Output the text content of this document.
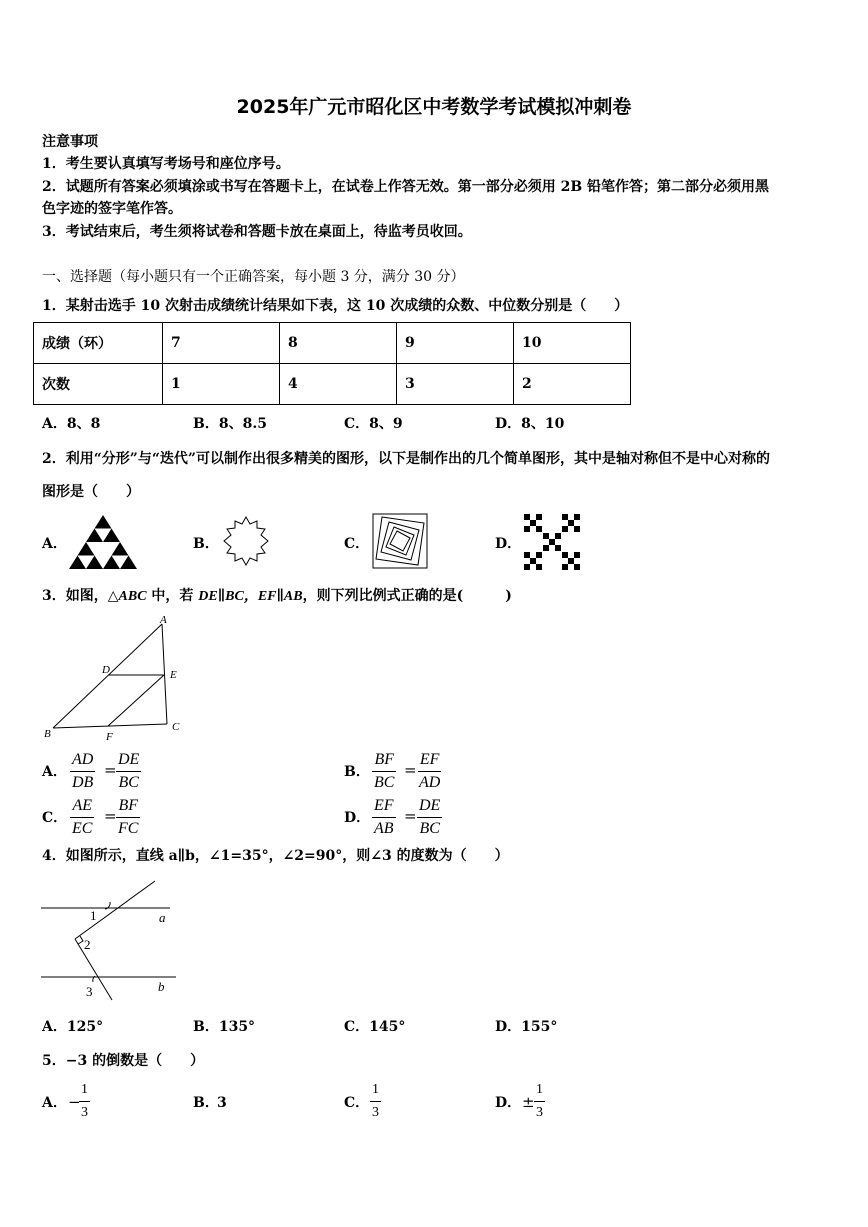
2025年广元市昭化区中考数学考试模拟冲刺卷
注意事项
1．考生要认真填写考场号和座位序号。
2．试题所有答案必须填涂或书写在答题卡上，在试卷上作答无效。第一部分必须用 2B 铅笔作答；第二部分必须用黑
色字迹的签字笔作答。
3．考试结束后，考生须将试卷和答题卡放在桌面上，待监考员收回。
一、选择题（每小题只有一个正确答案，每小题 3 分，满分 30 分）
1．某射击选手 10 次射击成绩统计结果如下表，这 10 次成绩的众数、中位数分别是（　　）
成绩（环）	7	8	9	10
次数	1	4	3	2
A．8、8	B．8、8.5	C．8、9	D．8、10
2．利用“分形”与“迭代”可以制作出很多精美的图形，以下是制作出的几个简单图形，其中是轴对称但不是中心对称的
图形是（　　）
A．	B．	C．	D．
3．如图，△ABC 中，若 DE∥BC，EF∥AB，则下列比例式正确的是(　　　)
A
D	E
B
C
F
A． $\frac{AD}{DB} = \frac{DE}{BC}$	B． $\frac{BF}{BC} = \frac{EF}{AD}$
C． $\frac{AE}{EC} = \frac{BF}{FC}$	D． $\frac{EF}{AB} = \frac{DE}{BC}$
4．如图所示，直线 a∥b，∠1=35°，∠2=90°，则∠3 的度数为（　　）
1
2
3
a
b
A．125°	B．135°	C．145°	D．155°
5．−3 的倒数是（　　）
A． −
$\frac{1}{3}$	B．
3	C． $\frac{1}{3}$	D． ± $\frac{1}{3}$
